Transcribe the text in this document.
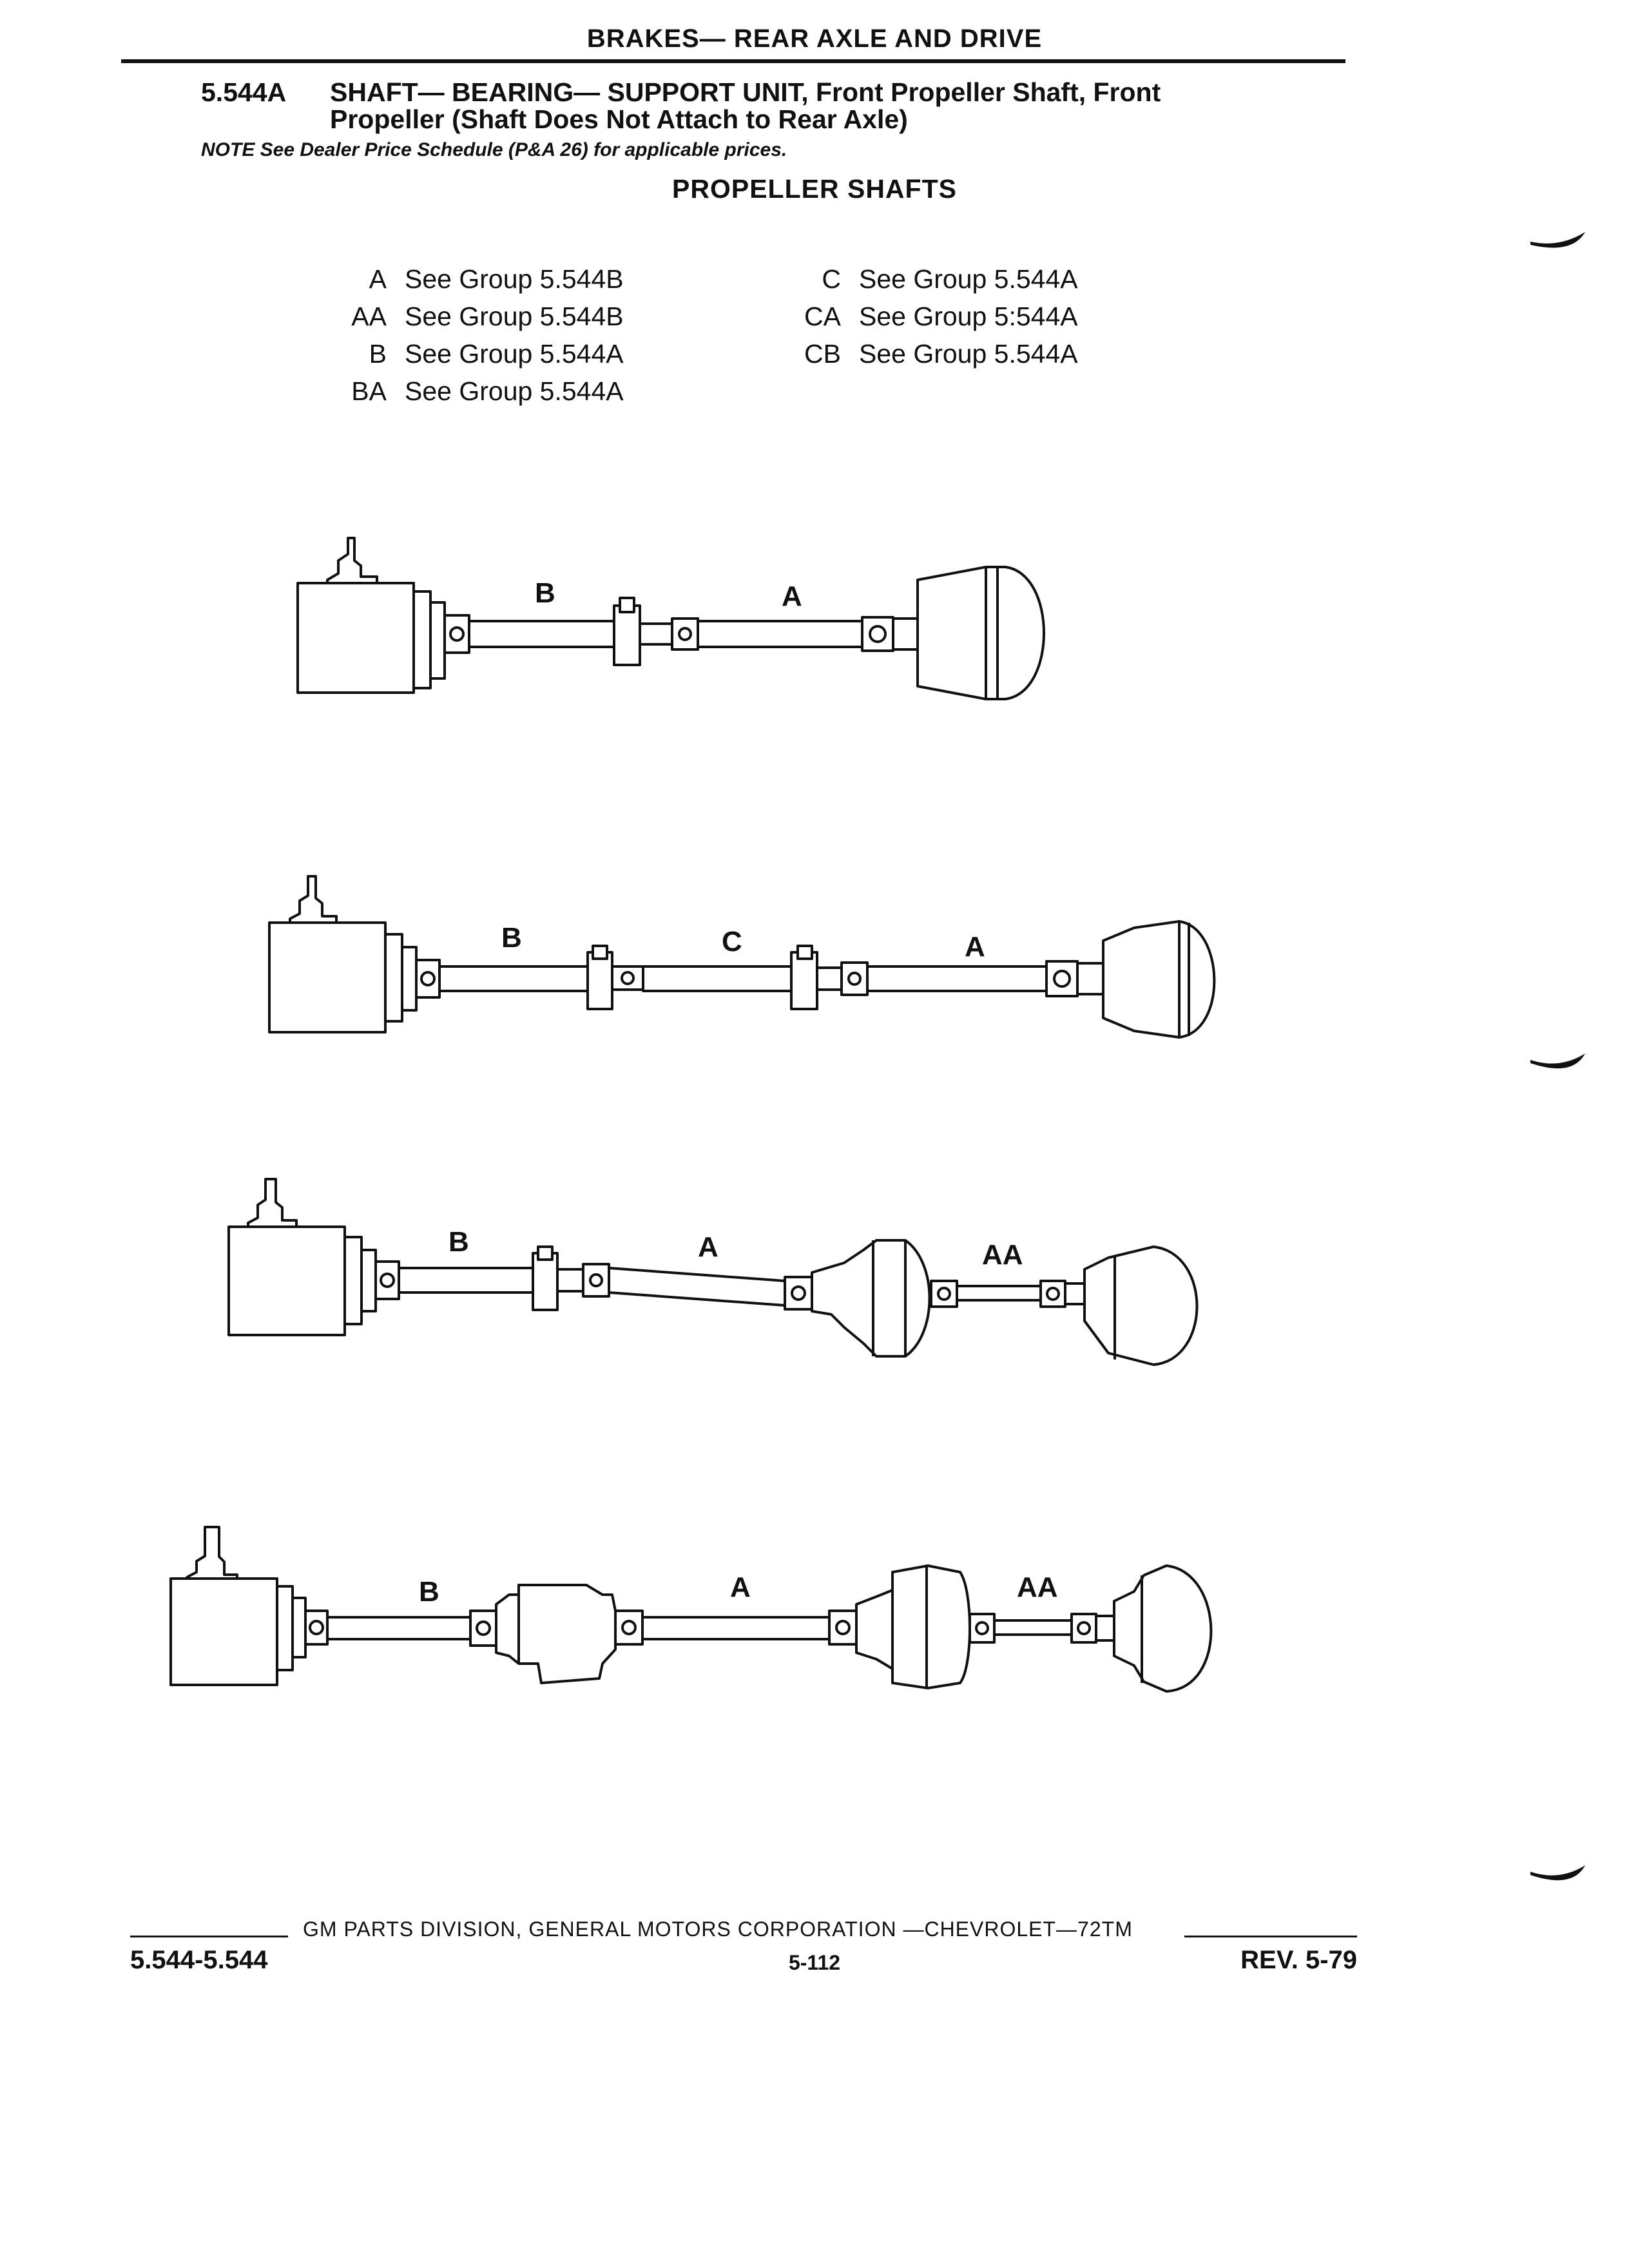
BRAKES— REAR AXLE AND DRIVE
5.544A SHAFT— BEARING— SUPPORT UNIT, Front Propeller Shaft, Front
Propeller (Shaft Does Not Attach to Rear Axle)
NOTE See Dealer Price Schedule (P&A 26) for applicable prices.
PROPELLER SHAFTS
A See Group 5.544B
AA See Group 5.544B
B See Group 5.544A
BA See Group 5.544A
C See Group 5.544A
CA See Group 5:544A
CB See Group 5.544A
B	A
B	C	A
B	A	AA
B	A	AA
GM PARTS DIVISION, GENERAL MOTORS CORPORATION —CHEVROLET—72TM
5.544-5.544	5-112	REV. 5-79
